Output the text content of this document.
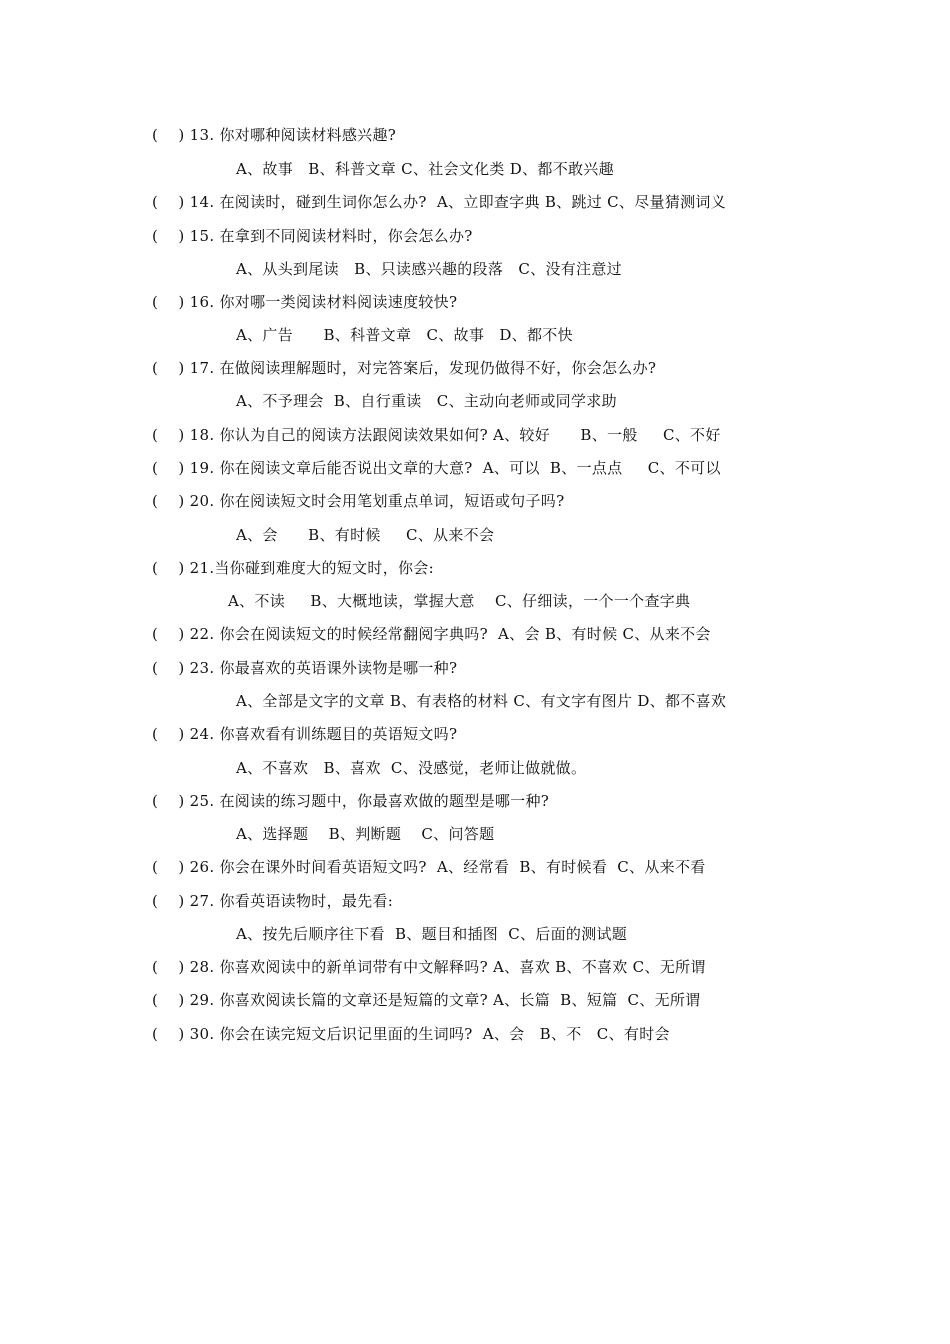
(    ) 13. 你对哪种阅读材料感兴趣?
A、故事   B、科普文章 C、社会文化类 D、都不敢兴趣
(    ) 14. 在阅读时，碰到生词你怎么办?  A、立即查字典 B、跳过 C、尽量猜测词义
(    ) 15. 在拿到不同阅读材料时，你会怎么办?
A、从头到尾读   B、只读感兴趣的段落   C、没有注意过
(    ) 16. 你对哪一类阅读材料阅读速度较快?
A、广告      B、科普文章   C、故事   D、都不快
(    ) 17. 在做阅读理解题时，对完答案后，发现仍做得不好，你会怎么办?
A、不予理会  B、自行重读   C、主动向老师或同学求助
(    ) 18. 你认为自己的阅读方法跟阅读效果如何? A、较好      B、一般     C、不好
(    ) 19. 你在阅读文章后能否说出文章的大意?  A、可以  B、一点点     C、不可以
(    ) 20. 你在阅读短文时会用笔划重点单词，短语或句子吗?
A、会      B、有时候     C、从来不会
(    ) 21.当你碰到难度大的短文时，你会:
A、不读     B、大概地读，掌握大意    C、仔细读，一个一个查字典
(    ) 22. 你会在阅读短文的时候经常翻阅字典吗?  A、会 B、有时候 C、从来不会
(    ) 23. 你最喜欢的英语课外读物是哪一种?
A、全部是文字的文章 B、有表格的材料 C、有文字有图片 D、都不喜欢
(    ) 24. 你喜欢看有训练题目的英语短文吗?
A、不喜欢   B、喜欢  C、没感觉，老师让做就做。
(    ) 25. 在阅读的练习题中，你最喜欢做的题型是哪一种?
A、选择题    B、判断题    C、问答题
(    ) 26. 你会在课外时间看英语短文吗?  A、经常看  B、有时候看  C、从来不看
(    ) 27. 你看英语读物时，最先看:
A、按先后顺序往下看  B、题目和插图  C、后面的测试题
(    ) 28. 你喜欢阅读中的新单词带有中文解释吗? A、喜欢 B、不喜欢 C、无所谓
(    ) 29. 你喜欢阅读长篇的文章还是短篇的文章? A、长篇  B、短篇  C、无所谓
(    ) 30. 你会在读完短文后识记里面的生词吗?  A、会   B、不   C、有时会
